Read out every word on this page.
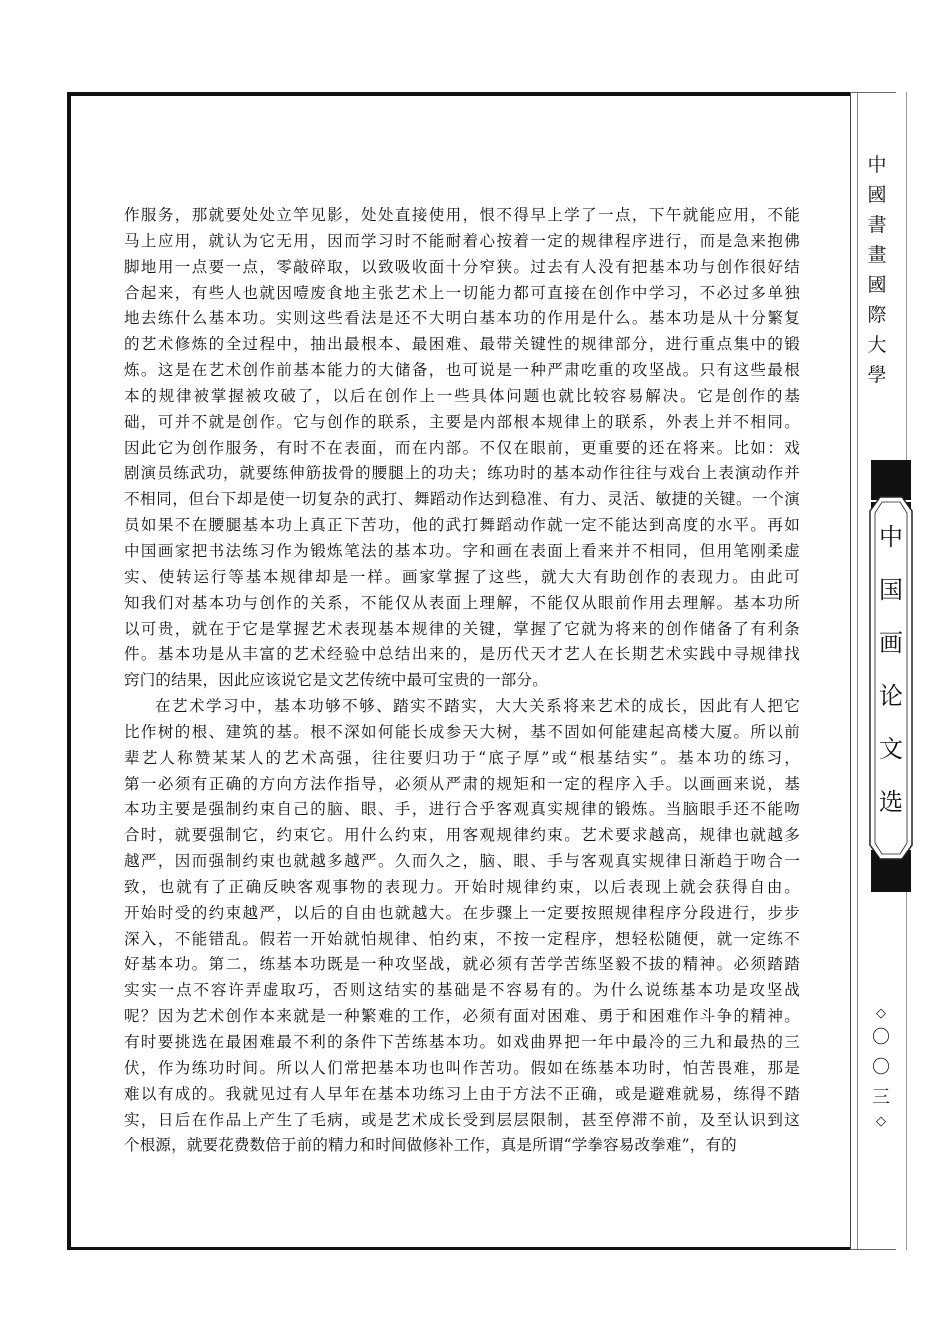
作服务，那就要处处立竿见影，处处直接使用，恨不得早上学了一点，下午就能应用，不能

马上应用，就认为它无用，因而学习时不能耐着心按着一定的规律程序进行，而是急来抱佛

脚地用一点要一点，零敲碎取，以致吸收面十分窄狭。过去有人没有把基本功与创作很好结

合起来，有些人也就因噎废食地主张艺术上一切能力都可直接在创作中学习，不必过多单独

地去练什么基本功。实则这些看法是还不大明白基本功的作用是什么。基本功是从十分繁复

的艺术修炼的全过程中，抽出最根本、最困难、最带关键性的规律部分，进行重点集中的锻

炼。这是在艺术创作前基本能力的大储备，也可说是一种严肃吃重的攻坚战。只有这些最根

本的规律被掌握被攻破了，以后在创作上一些具体问题也就比较容易解决。它是创作的基

础，可并不就是创作。它与创作的联系，主要是内部根本规律上的联系，外表上并不相同。

因此它为创作服务，有时不在表面，而在内部。不仅在眼前，更重要的还在将来。比如：戏

剧演员练武功，就要练伸筋拔骨的腰腿上的功夫；练功时的基本动作往往与戏台上表演动作并

不相同，但台下却是使一切复杂的武打、舞蹈动作达到稳准、有力、灵活、敏捷的关键。一个演

员如果不在腰腿基本功上真正下苦功，他的武打舞蹈动作就一定不能达到高度的水平。再如

中国画家把书法练习作为锻炼笔法的基本功。字和画在表面上看来并不相同，但用笔刚柔虚

实、使转运行等基本规律却是一样。画家掌握了这些，就大大有助创作的表现力。由此可

知我们对基本功与创作的关系，不能仅从表面上理解，不能仅从眼前作用去理解。基本功所

以可贵，就在于它是掌握艺术表现基本规律的关键，掌握了它就为将来的创作储备了有利条

件。基本功是从丰富的艺术经验中总结出来的，是历代天才艺人在长期艺术实践中寻规律找

窍门的结果，因此应该说它是文艺传统中最可宝贵的一部分。

在艺术学习中，基本功够不够、踏实不踏实，大大关系将来艺术的成长，因此有人把它

比作树的根、建筑的基。根不深如何能长成参天大树，基不固如何能建起高楼大厦。所以前

辈艺人称赞某某人的艺术高强，往往要归功于“底子厚”或“根基结实”。基本功的练习，

第一必须有正确的方向方法作指导，必须从严肃的规矩和一定的程序入手。以画画来说，基

本功主要是强制约束自己的脑、眼、手，进行合乎客观真实规律的锻炼。当脑眼手还不能吻

合时，就要强制它，约束它。用什么约束，用客观规律约束。艺术要求越高，规律也就越多

越严，因而强制约束也就越多越严。久而久之，脑、眼、手与客观真实规律日渐趋于吻合一

致，也就有了正确反映客观事物的表现力。开始时规律约束，以后表现上就会获得自由。

开始时受的约束越严，以后的自由也就越大。在步骤上一定要按照规律程序分段进行，步步

深入，不能错乱。假若一开始就怕规律、怕约束，不按一定程序，想轻松随便，就一定练不

好基本功。第二，练基本功既是一种攻坚战，就必须有苦学苦练坚毅不拔的精神。必须踏踏

实实一点不容许弄虚取巧，否则这结实的基础是不容易有的。为什么说练基本功是攻坚战

呢？因为艺术创作本来就是一种繁难的工作，必须有面对困难、勇于和困难作斗争的精神。

有时要挑选在最困难最不利的条件下苦练基本功。如戏曲界把一年中最冷的三九和最热的三

伏，作为练功时间。所以人们常把基本功也叫作苦功。假如在练基本功时，怕苦畏难，那是

难以有成的。我就见过有人早年在基本功练习上由于方法不正确，或是避难就易，练得不踏

实，日后在作品上产生了毛病，或是艺术成长受到层层限制，甚至停滞不前，及至认识到这

个根源，就要花费数倍于前的精力和时间做修补工作，真是所谓“学拳容易改拳难”，有的

中
國
書
畫
國
際
大
學
中
国
画
论
文
选
◇
〇
〇
三
◇
